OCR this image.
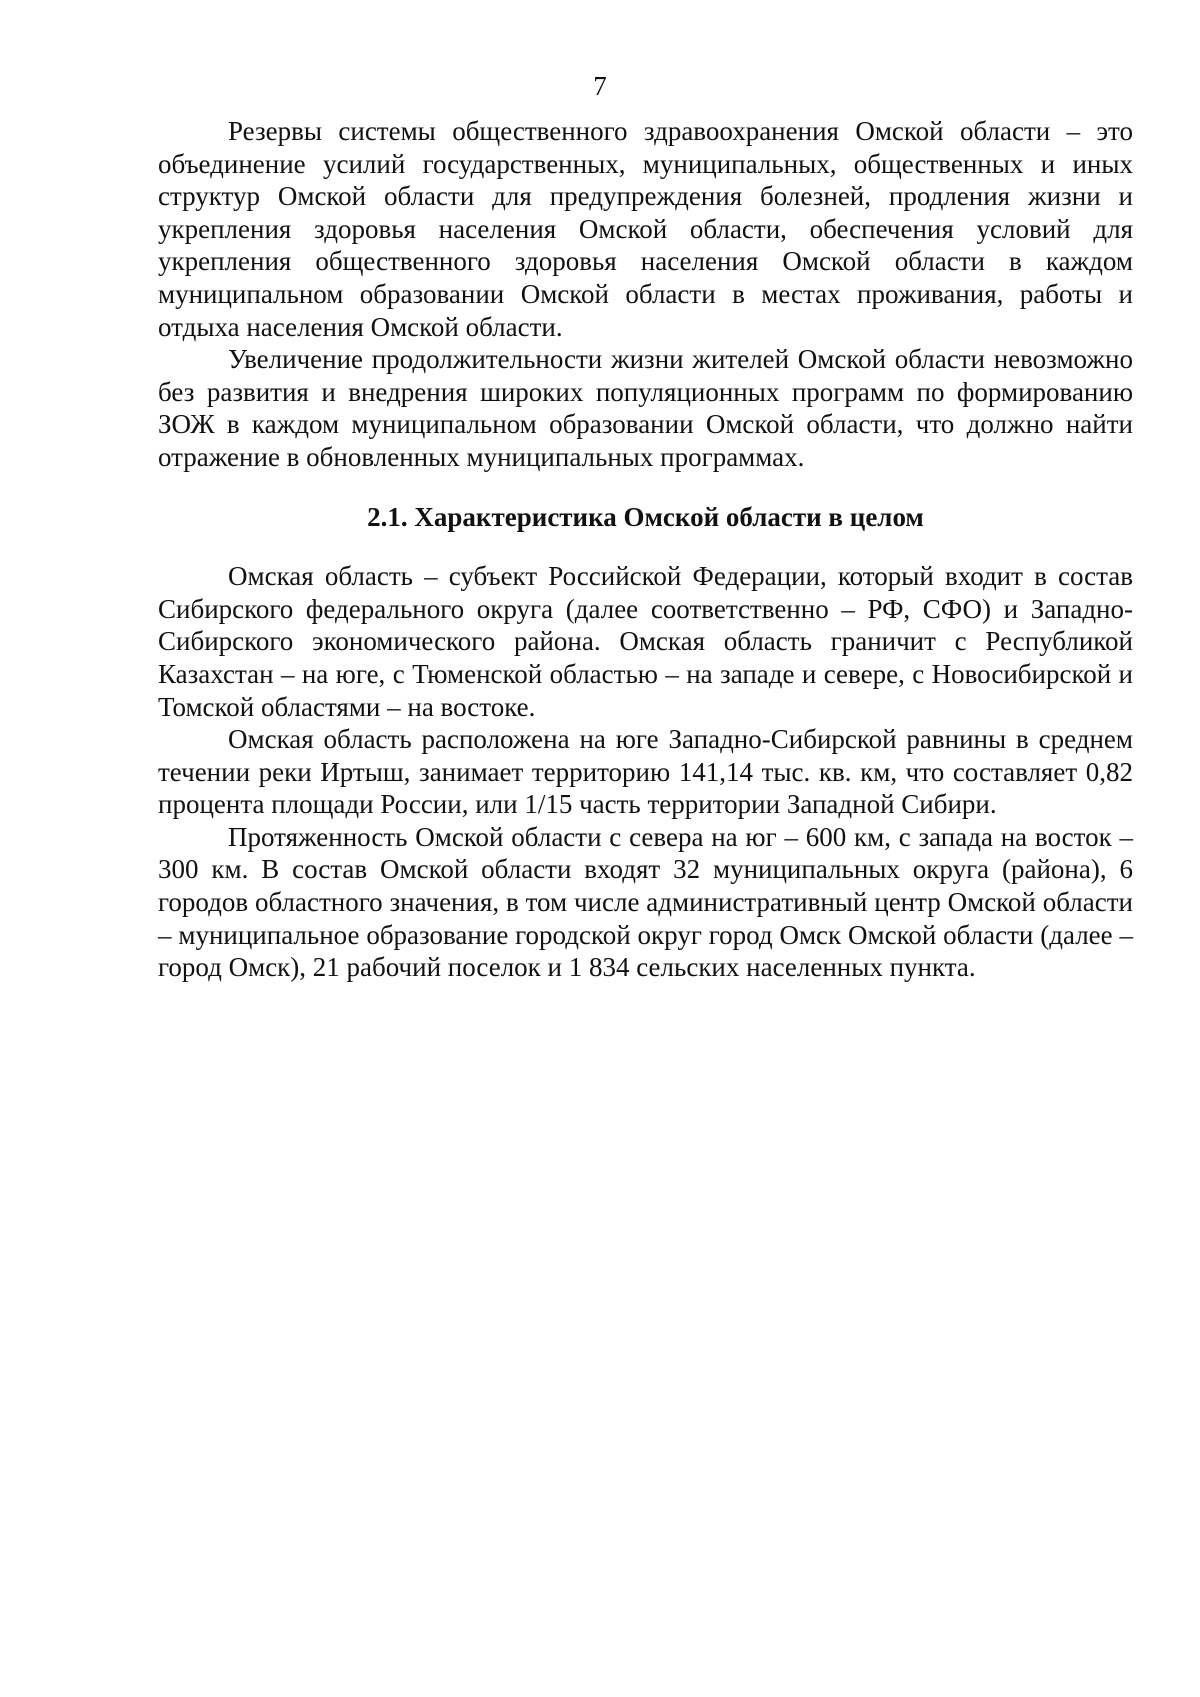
7

Резервы системы общественного здравоохранения Омской области – это объединение усилий государственных, муниципальных, общественных и иных структур Омской области для предупреждения болезней, продления жизни и укрепления здоровья населения Омской области, обеспечения условий для укрепления общественного здоровья населения Омской области в каждом муниципальном образовании Омской области в местах проживания, работы и отдыха населения Омской области.

Увеличение продолжительности жизни жителей Омской области невозможно без развития и внедрения широких популяционных программ по формированию ЗОЖ в каждом муниципальном образовании Омской области, что должно найти отражение в обновленных муниципальных программах.

2.1. Характеристика Омской области в целом

Омская область – субъект Российской Федерации, который входит в состав Сибирского федерального округа (далее соответственно – РФ, СФО) и Западно-Сибирского экономического района. Омская область граничит с Республикой Казахстан – на юге, с Тюменской областью – на западе и севере, с Новосибирской и Томской областями – на востоке.

Омская область расположена на юге Западно-Сибирской равнины в среднем течении реки Иртыш, занимает территорию 141,14 тыс. кв. км, что составляет 0,82 процента площади России, или 1/15 часть территории Западной Сибири.

Протяженность Омской области с севера на юг – 600 км, с запада на восток – 300 км. В состав Омской области входят 32 муниципальных округа (района), 6 городов областного значения, в том числе административный центр Омской области – муниципальное образование городской округ город Омск Омской области (далее – город Омск), 21 рабочий поселок и 1 834 сельских населенных пункта.
